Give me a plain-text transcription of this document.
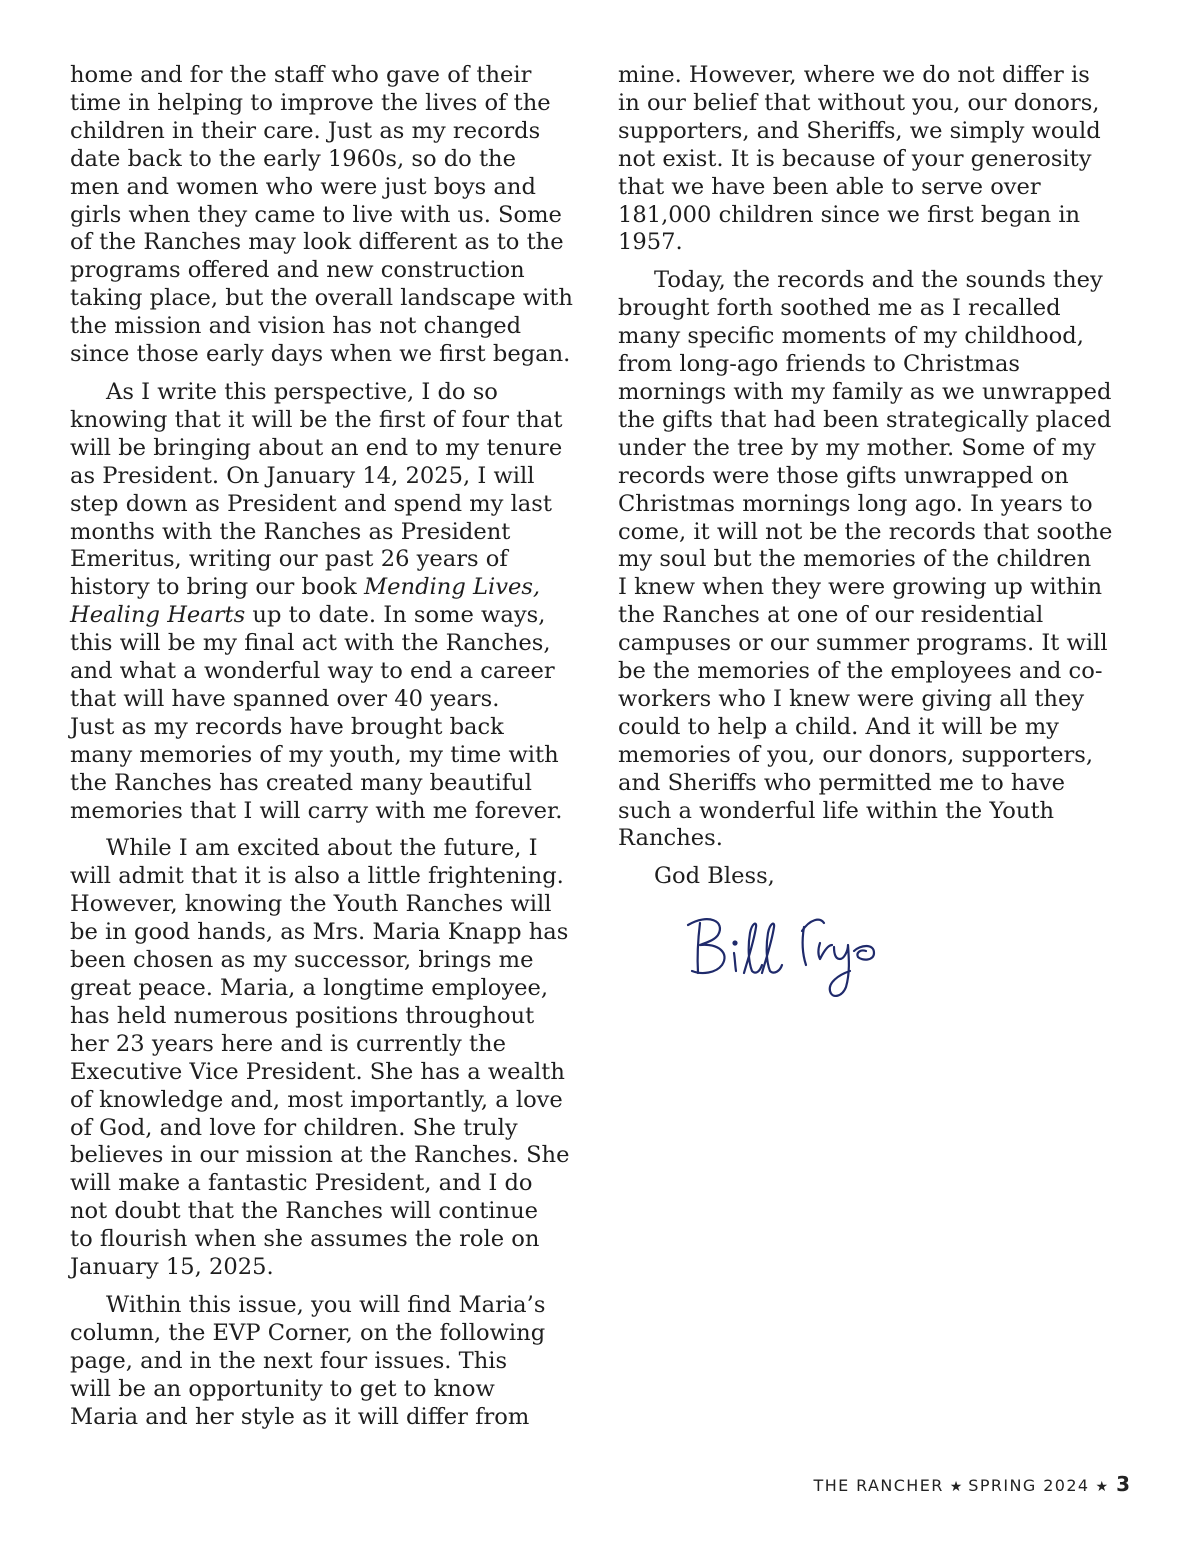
home and for the staff who gave of their
time in helping to improve the lives of the
children in their care. Just as my records
date back to the early 1960s, so do the
men and women who were just boys and
girls when they came to live with us. Some
of the Ranches may look different as to the
programs offered and new construction
taking place, but the overall landscape with
the mission and vision has not changed
since those early days when we first began.

As I write this perspective, I do so
knowing that it will be the first of four that
will be bringing about an end to my tenure
as President. On January 14, 2025, I will
step down as President and spend my last
months with the Ranches as President
Emeritus, writing our past 26 years of
history to bring our book Mending Lives,
Healing Hearts up to date. In some ways,
this will be my final act with the Ranches,
and what a wonderful way to end a career
that will have spanned over 40 years.
Just as my records have brought back
many memories of my youth, my time with
the Ranches has created many beautiful
memories that I will carry with me forever.

While I am excited about the future, I
will admit that it is also a little frightening.
However, knowing the Youth Ranches will
be in good hands, as Mrs. Maria Knapp has
been chosen as my successor, brings me
great peace. Maria, a longtime employee,
has held numerous positions throughout
her 23 years here and is currently the
Executive Vice President. She has a wealth
of knowledge and, most importantly, a love
of God, and love for children. She truly
believes in our mission at the Ranches. She
will make a fantastic President, and I do
not doubt that the Ranches will continue
to flourish when she assumes the role on
January 15, 2025.

Within this issue, you will find Maria’s
column, the EVP Corner, on the following
page, and in the next four issues. This
will be an opportunity to get to know
Maria and her style as it will differ from

mine. However, where we do not differ is
in our belief that without you, our donors,
supporters, and Sheriffs, we simply would
not exist. It is because of your generosity
that we have been able to serve over
181,000 children since we first began in
1957.

Today, the records and the sounds they
brought forth soothed me as I recalled
many specific moments of my childhood,
from long-ago friends to Christmas
mornings with my family as we unwrapped
the gifts that had been strategically placed
under the tree by my mother. Some of my
records were those gifts unwrapped on
Christmas mornings long ago. In years to
come, it will not be the records that soothe
my soul but the memories of the children
I knew when they were growing up within
the Ranches at one of our residential
campuses or our summer programs. It will
be the memories of the employees and co-
workers who I knew were giving all they
could to help a child. And it will be my
memories of you, our donors, supporters,
and Sheriffs who permitted me to have
such a wonderful life within the Youth
Ranches.

God Bless,

THE RANCHER ★ SPRING 2024 ★ 3
